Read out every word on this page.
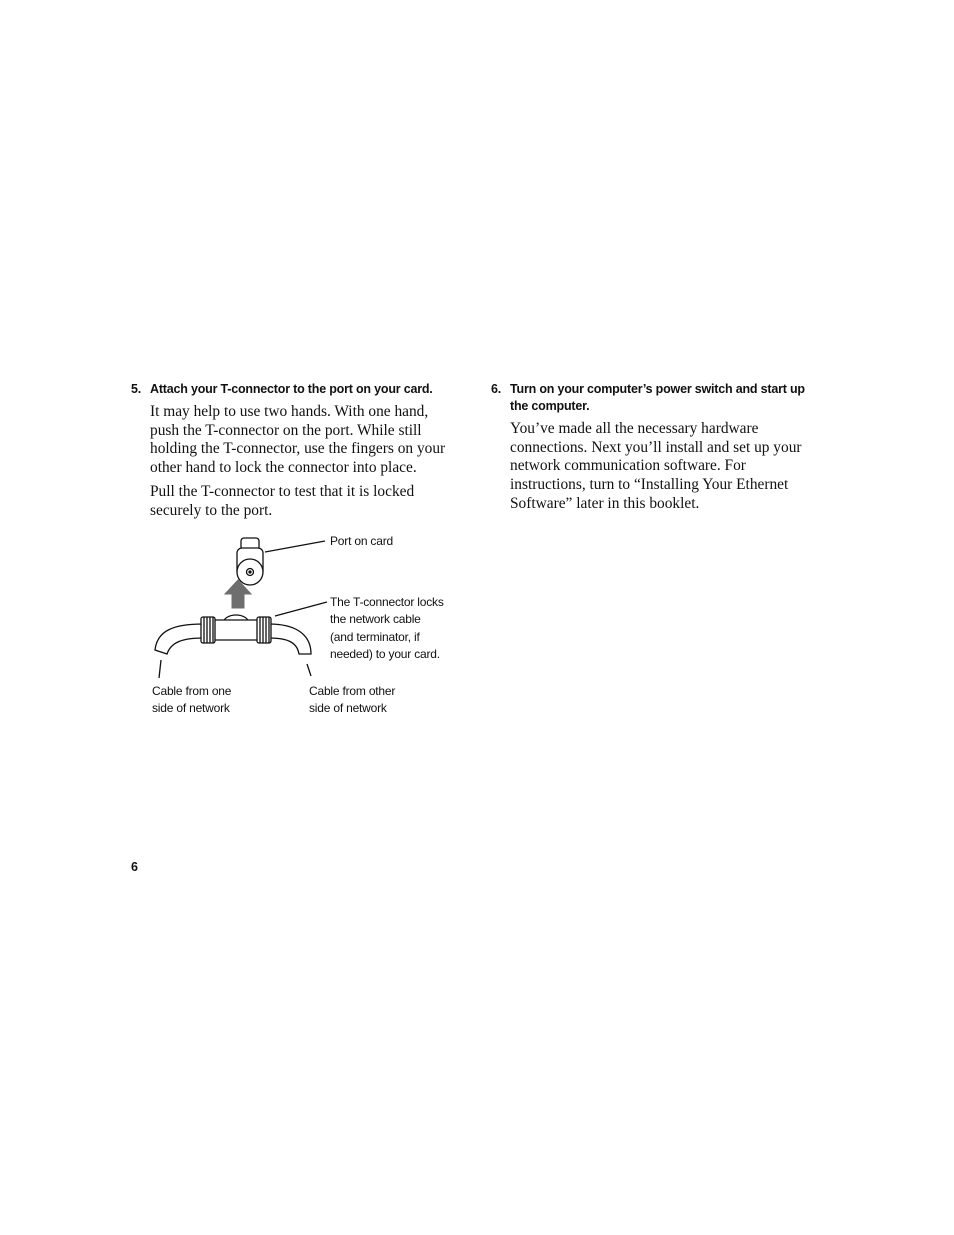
5. Attach your T-connector to the port on your card.
It may help to use two hands. With one hand,
push the T-connector on the port. While still
holding the T-connector, use the fingers on your
other hand to lock the connector into place.
Pull the T-connector to test that it is locked
securely to the port.
Port on card
The T-connector locks
the network cable
(and terminator, if
needed) to your card.
Cable from one
side of network
Cable from other
side of network
6. Turn on your computer’s power switch and start up
the computer.
You’ve made all the necessary hardware
connections. Next you’ll install and set up your
network communication software. For
instructions, turn to “Installing Your Ethernet
Software” later in this booklet.
6
